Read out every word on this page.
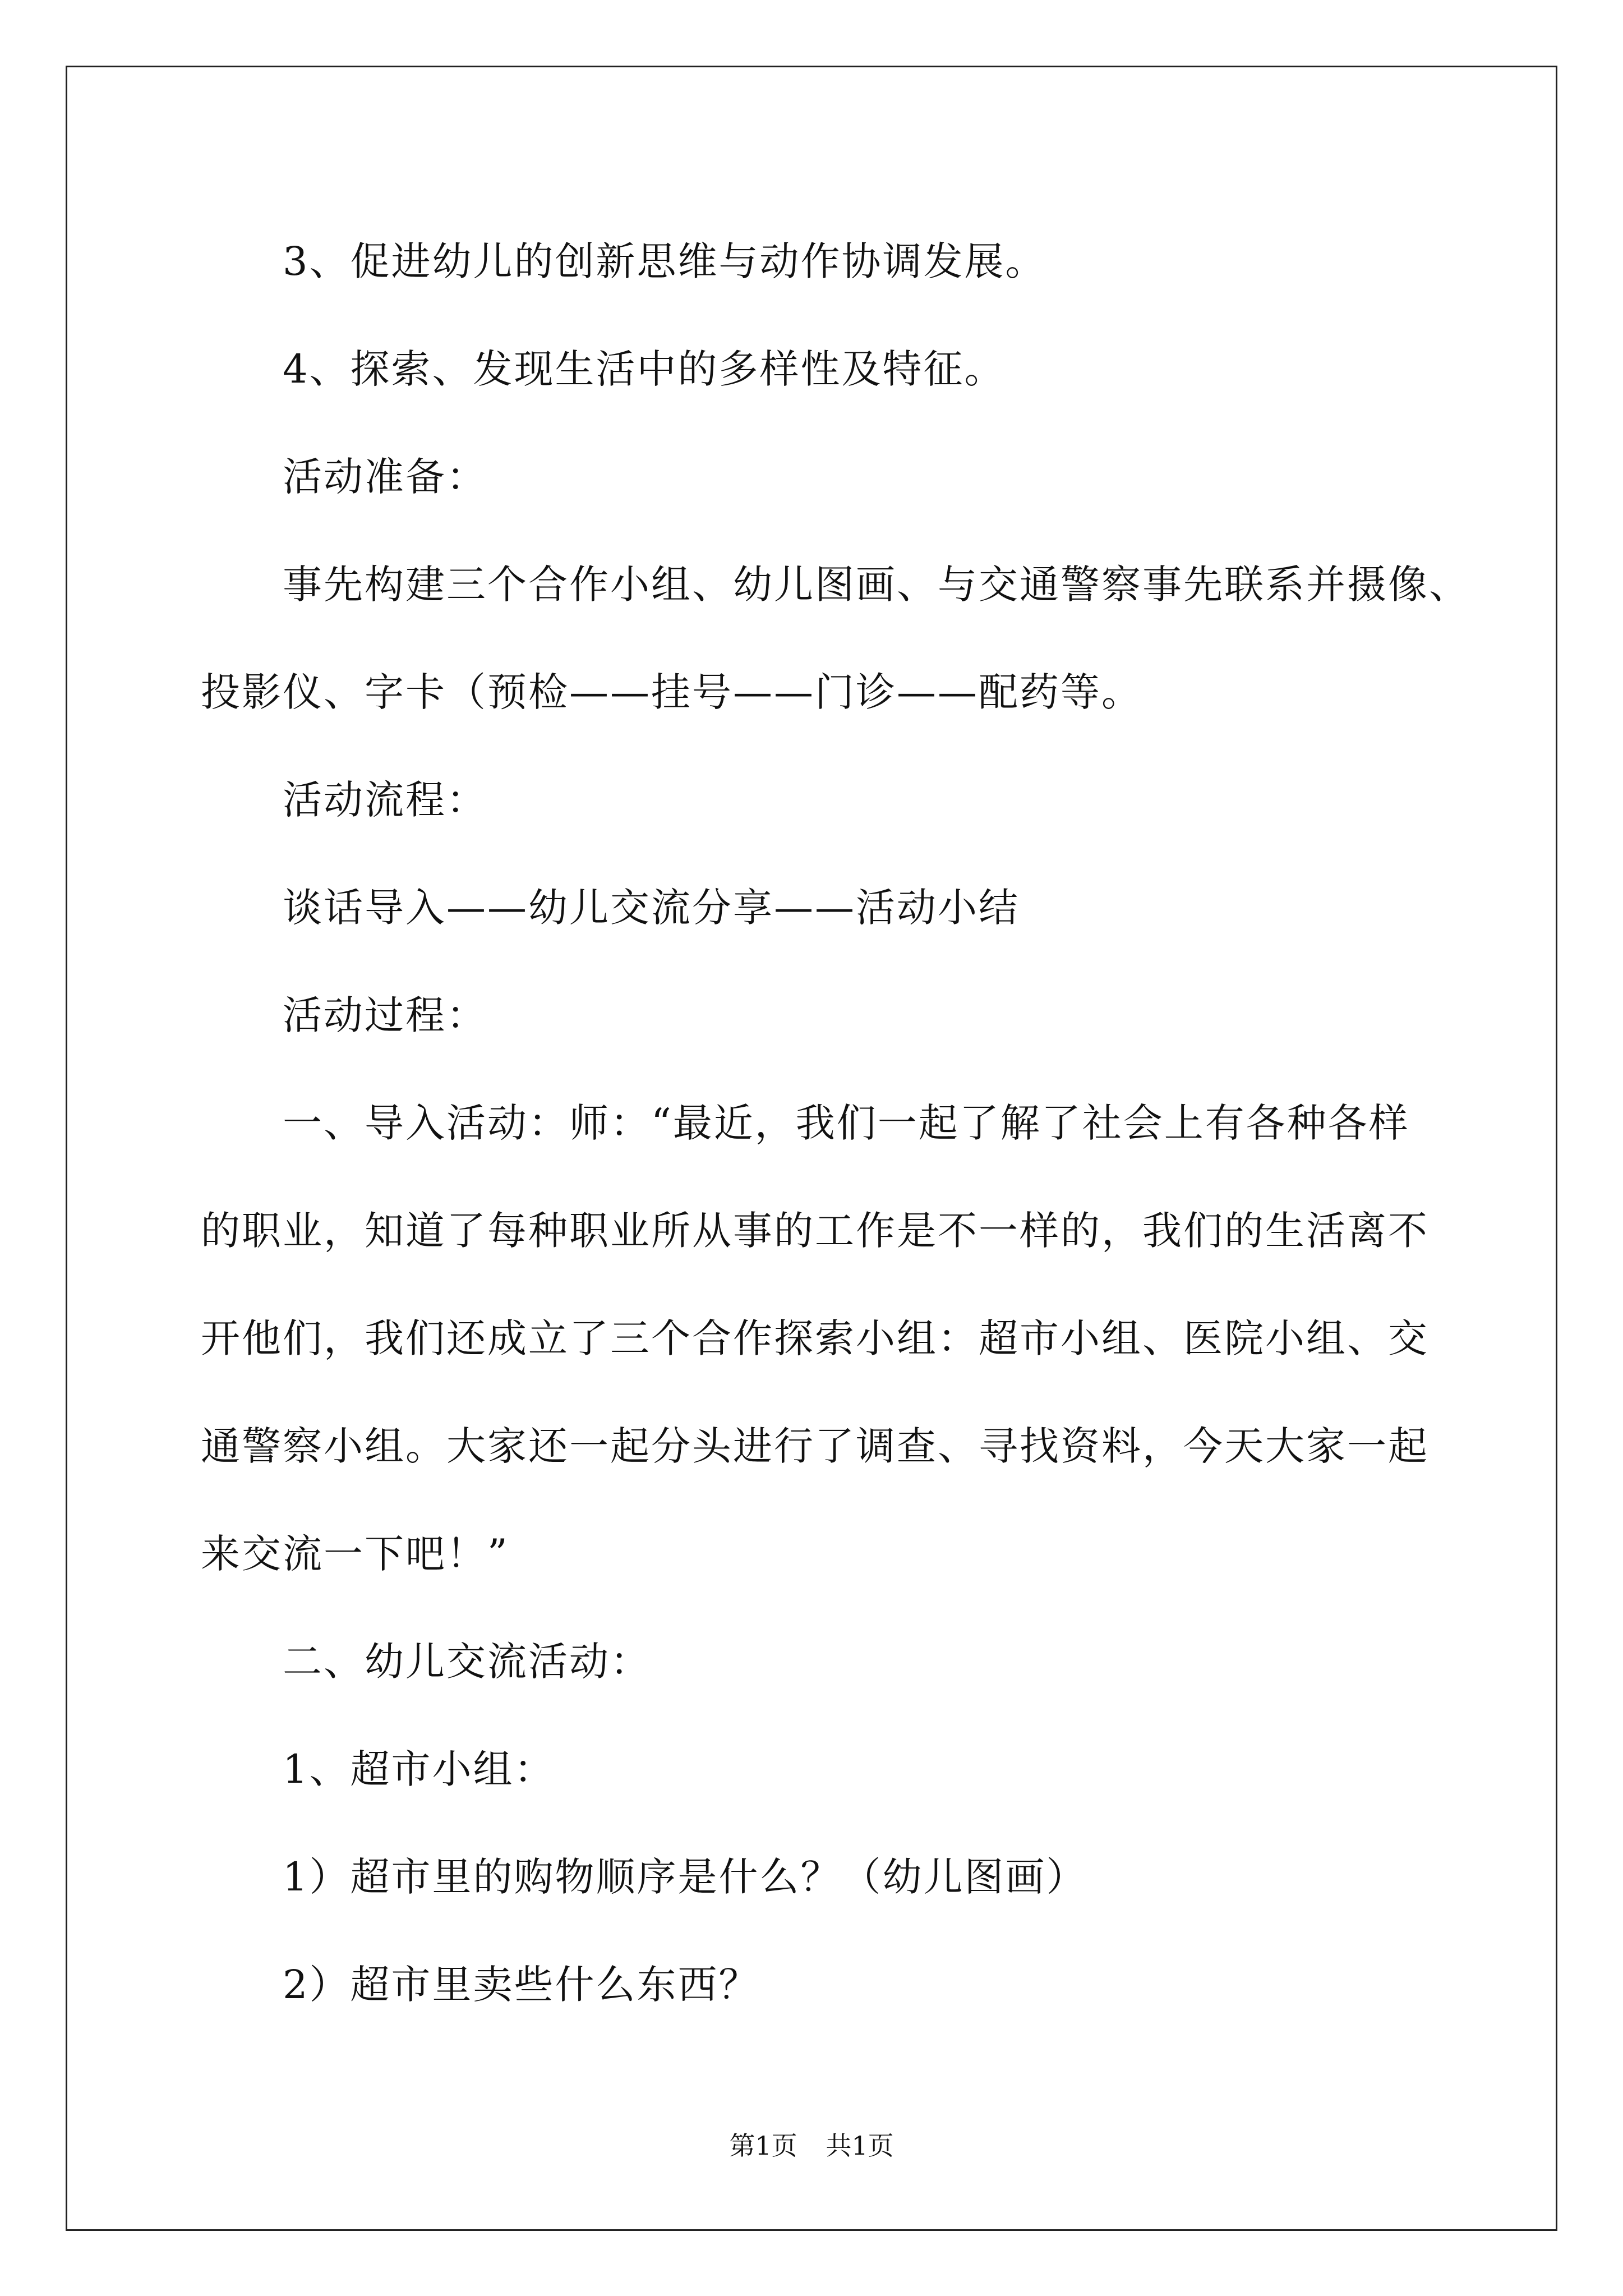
3、促进幼儿的创新思维与动作协调发展。

4、探索、发现生活中的多样性及特征。

活动准备：

事先构建三个合作小组、幼儿图画、与交通警察事先联系并摄像、

投影仪、字卡（预检——挂号——门诊——配药等。

活动流程：

谈话导入——幼儿交流分享——活动小结

活动过程：

一、导入活动：师：“最近，我们一起了解了社会上有各种各样

的职业，知道了每种职业所从事的工作是不一样的，我们的生活离不

开他们，我们还成立了三个合作探索小组：超市小组、医院小组、交

通警察小组。大家还一起分头进行了调查、寻找资料，今天大家一起

来交流一下吧！”

二、幼儿交流活动：

1、超市小组：

1）超市里的购物顺序是什么？（幼儿图画）

2）超市里卖些什么东西？

第1页 共1页
